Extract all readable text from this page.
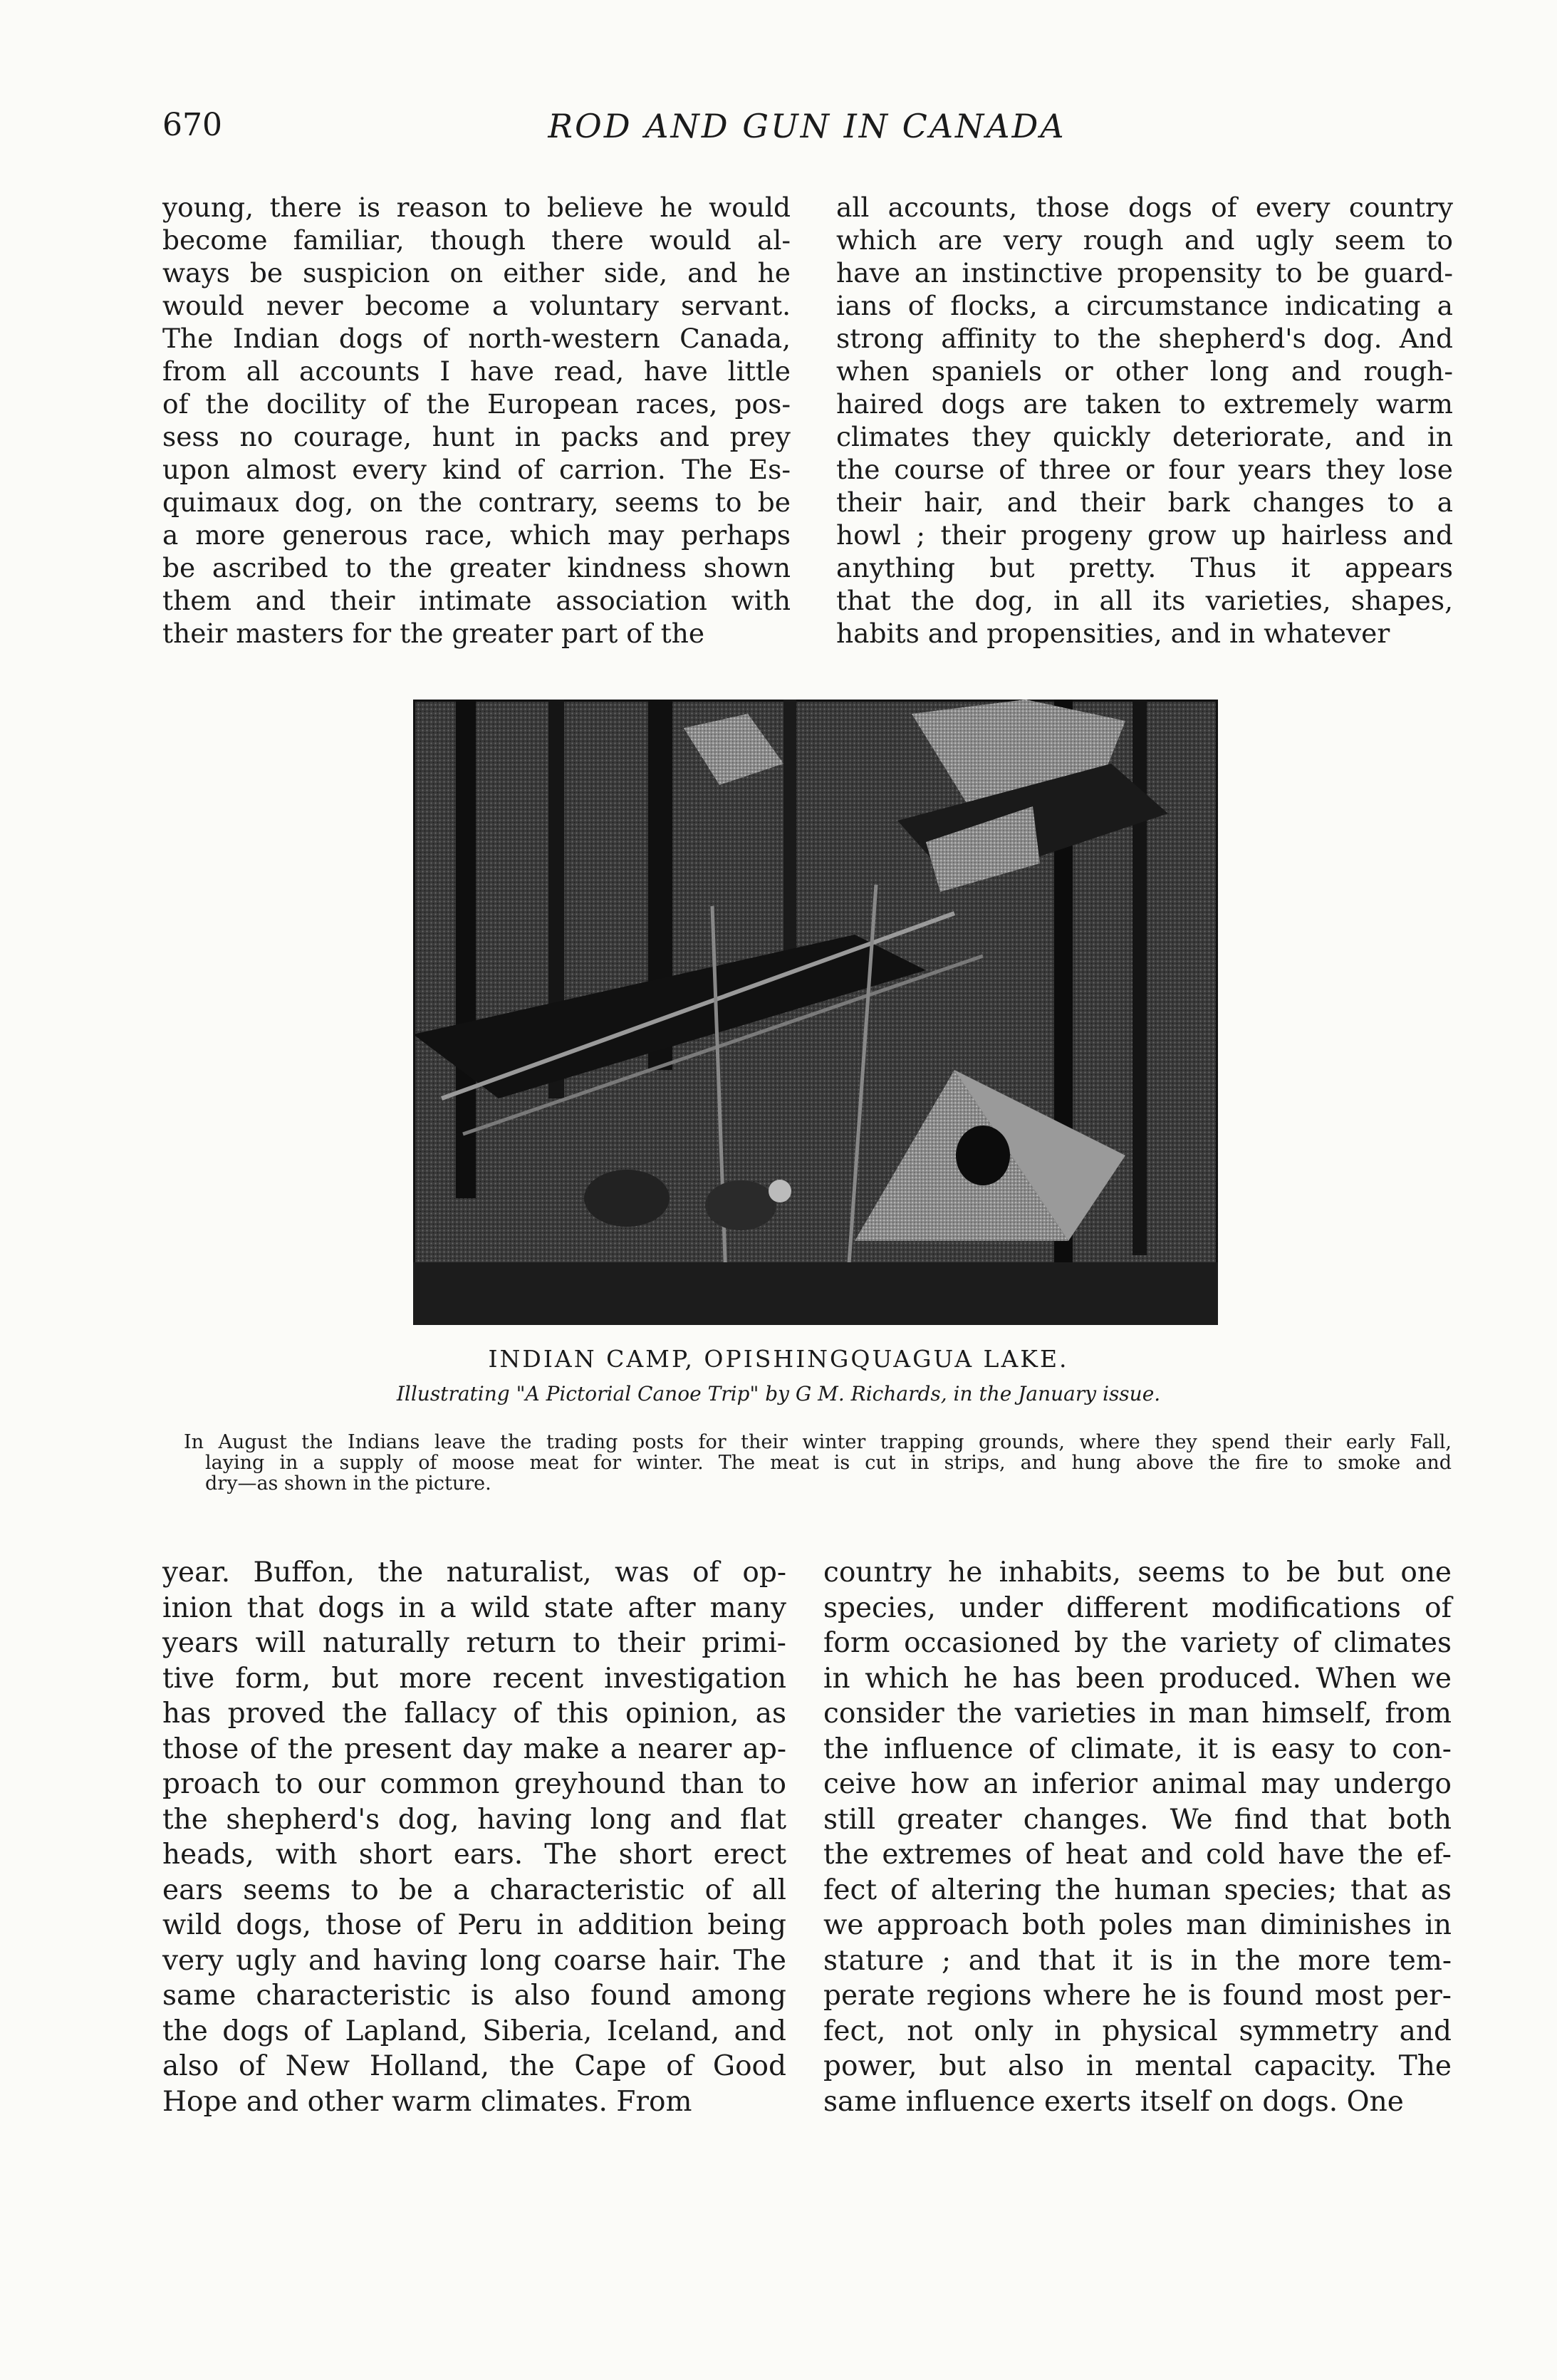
670	ROD AND GUN IN CANADA
young, there is reason to believe he would
become familiar, though there would al-
ways be suspicion on either side, and he
would never become a voluntary servant.
The Indian dogs of north-western Canada,
from all accounts I have read, have little
of the docility of the European races, pos-
sess no courage, hunt in packs and prey
upon almost every kind of carrion. The Es-
quimaux dog, on the contrary, seems to be
a more generous race, which may perhaps
be ascribed to the greater kindness shown
them and their intimate association with
their masters for the greater part of the
all accounts, those dogs of every country
which are very rough and ugly seem to
have an instinctive propensity to be guard-
ians of flocks, a circumstance indicating a
strong affinity to the shepherd's dog. And
when spaniels or other long and rough-
haired dogs are taken to extremely warm
climates they quickly deteriorate, and in
the course of three or four years they lose
their hair, and their bark changes to a
howl ; their progeny grow up hairless and
anything but pretty. Thus it appears
that the dog, in all its varieties, shapes,
habits and propensities, and in whatever
INDIAN CAMP, OPISHINGQUAGUA LAKE.
Illustrating "A Pictorial Canoe Trip" by G M. Richards, in the January issue.
In August the Indians leave the trading posts for their winter trapping grounds, where they spend their early Fall,
laying in a supply of moose meat for winter. The meat is cut in strips, and hung above the fire to smoke and
dry—as shown in the picture.
year. Buffon, the naturalist, was of op-
inion that dogs in a wild state after many
years will naturally return to their primi-
tive form, but more recent investigation
has proved the fallacy of this opinion, as
those of the present day make a nearer ap-
proach to our common greyhound than to
the shepherd's dog, having long and flat
heads, with short ears. The short erect
ears seems to be a characteristic of all
wild dogs, those of Peru in addition being
very ugly and having long coarse hair. The
same characteristic is also found among
the dogs of Lapland, Siberia, Iceland, and
also of New Holland, the Cape of Good
Hope and other warm climates. From
country he inhabits, seems to be but one
species, under different modifications of
form occasioned by the variety of climates
in which he has been produced. When we
consider the varieties in man himself, from
the influence of climate, it is easy to con-
ceive how an inferior animal may undergo
still greater changes. We find that both
the extremes of heat and cold have the ef-
fect of altering the human species; that as
we approach both poles man diminishes in
stature ; and that it is in the more tem-
perate regions where he is found most per-
fect, not only in physical symmetry and
power, but also in mental capacity. The
same influence exerts itself on dogs. One
